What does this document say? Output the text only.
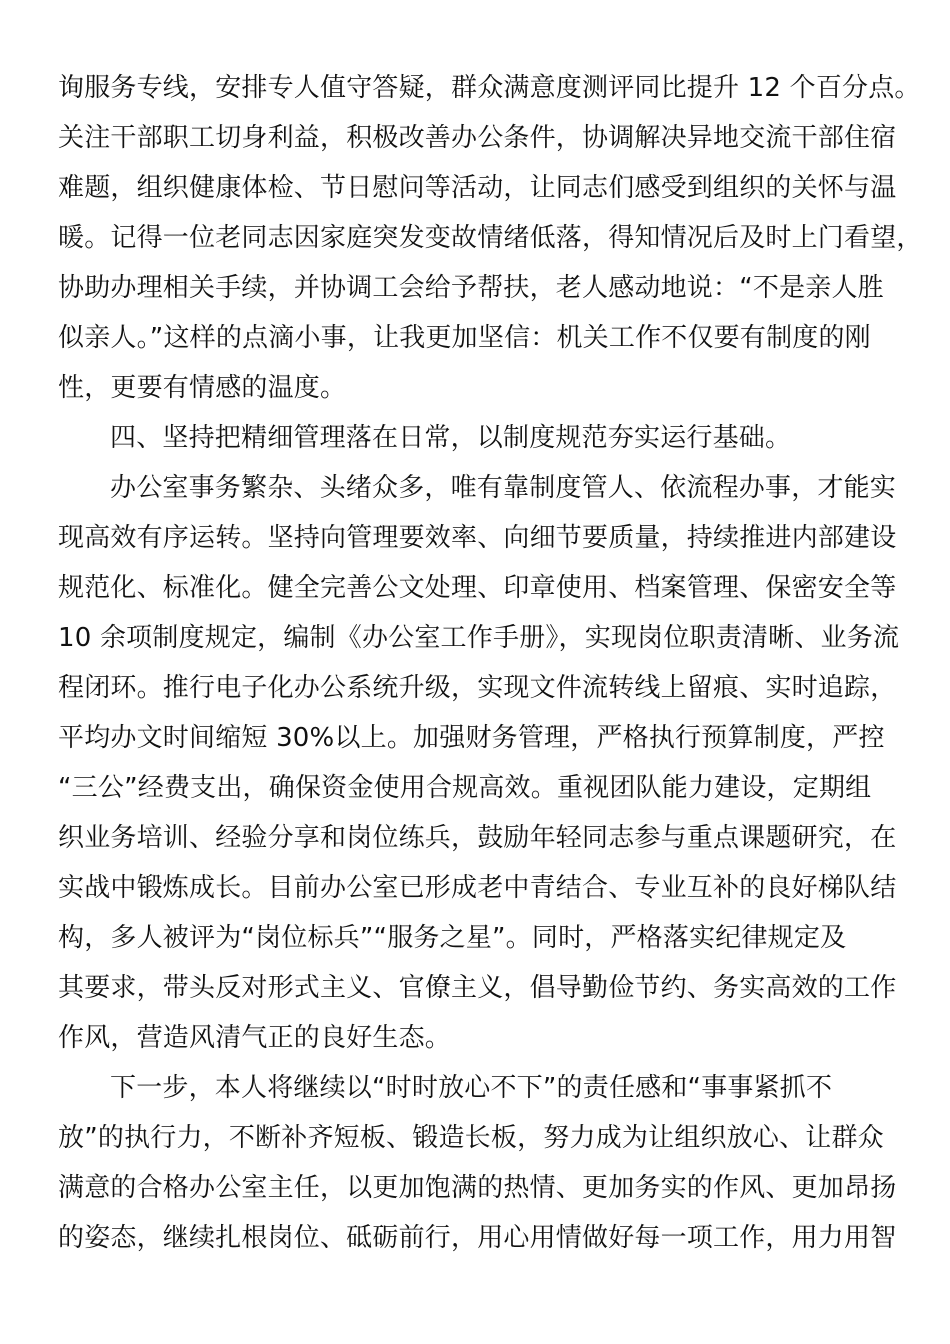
询服务专线，安排专人值守答疑，群众满意度测评同比提升 12 个百分点。
关注干部职工切身利益，积极改善办公条件，协调解决异地交流干部住宿
难题，组织健康体检、节日慰问等活动，让同志们感受到组织的关怀与温
暖。记得一位老同志因家庭突发变故情绪低落，得知情况后及时上门看望，
协助办理相关手续，并协调工会给予帮扶，老人感动地说：“不是亲人胜
似亲人。”这样的点滴小事，让我更加坚信：机关工作不仅要有制度的刚
性，更要有情感的温度。
四、坚持把精细管理落在日常，以制度规范夯实运行基础。
办公室事务繁杂、头绪众多，唯有靠制度管人、依流程办事，才能实
现高效有序运转。坚持向管理要效率、向细节要质量，持续推进内部建设
规范化、标准化。健全完善公文处理、印章使用、档案管理、保密安全等
10 余项制度规定，编制《办公室工作手册》，实现岗位职责清晰、业务流
程闭环。推行电子化办公系统升级，实现文件流转线上留痕、实时追踪，
平均办文时间缩短 30%以上。加强财务管理，严格执行预算制度，严控
“三公”经费支出，确保资金使用合规高效。重视团队能力建设，定期组
织业务培训、经验分享和岗位练兵，鼓励年轻同志参与重点课题研究，在
实战中锻炼成长。目前办公室已形成老中青结合、专业互补的良好梯队结
构，多人被评为“岗位标兵”“服务之星”。同时，严格落实纪律规定及
其要求，带头反对形式主义、官僚主义，倡导勤俭节约、务实高效的工作
作风，营造风清气正的良好生态。
下一步，本人将继续以“时时放心不下”的责任感和“事事紧抓不
放”的执行力，不断补齐短板、锻造长板，努力成为让组织放心、让群众
满意的合格办公室主任，以更加饱满的热情、更加务实的作风、更加昂扬
的姿态，继续扎根岗位、砥砺前行，用心用情做好每一项工作，用力用智
